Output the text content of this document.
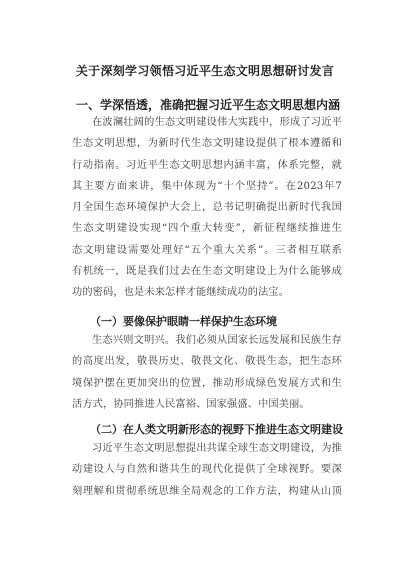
关于深刻学习领悟习近平生态文明思想研讨发言
一、学深悟透，准确把握习近平生态文明思想内涵

在波澜壮阔的生态文明建设伟大实践中，形成了习近平
生态文明思想，为新时代生态文明建设提供了根本遵循和
行动指南。习近平生态文明思想内涵丰富，体系完整，就
其主要方面来讲，集中体现为“十个坚持”。在2023年7
月全国生态环境保护大会上，总书记明确提出新时代我国
生态文明建设实现“四个重大转变”，新征程继续推进生
态文明建设需要处理好“五个重大关系”。三者相互联系
有机统一，既是我们过去在生态文明建设上为什么能够成
功的密码，也是未来怎样才能继续成功的法宝。

（一）要像保护眼睛一样保护生态环境

生态兴则文明兴。我们必须从国家长远发展和民族生存
的高度出发，敬畏历史、敬畏文化、敬畏生态，把生态环
境保护摆在更加突出的位置，推动形成绿色发展方式和生
活方式，协同推进人民富裕、国家强盛、中国美丽。

（二）在人类文明新形态的视野下推进生态文明建设

习近平生态文明思想提出共谋全球生态文明建设，为推
动建设人与自然和谐共生的现代化提供了全球视野。要深
刻理解和贯彻系统思维全局观念的工作方法，构建从山顶
